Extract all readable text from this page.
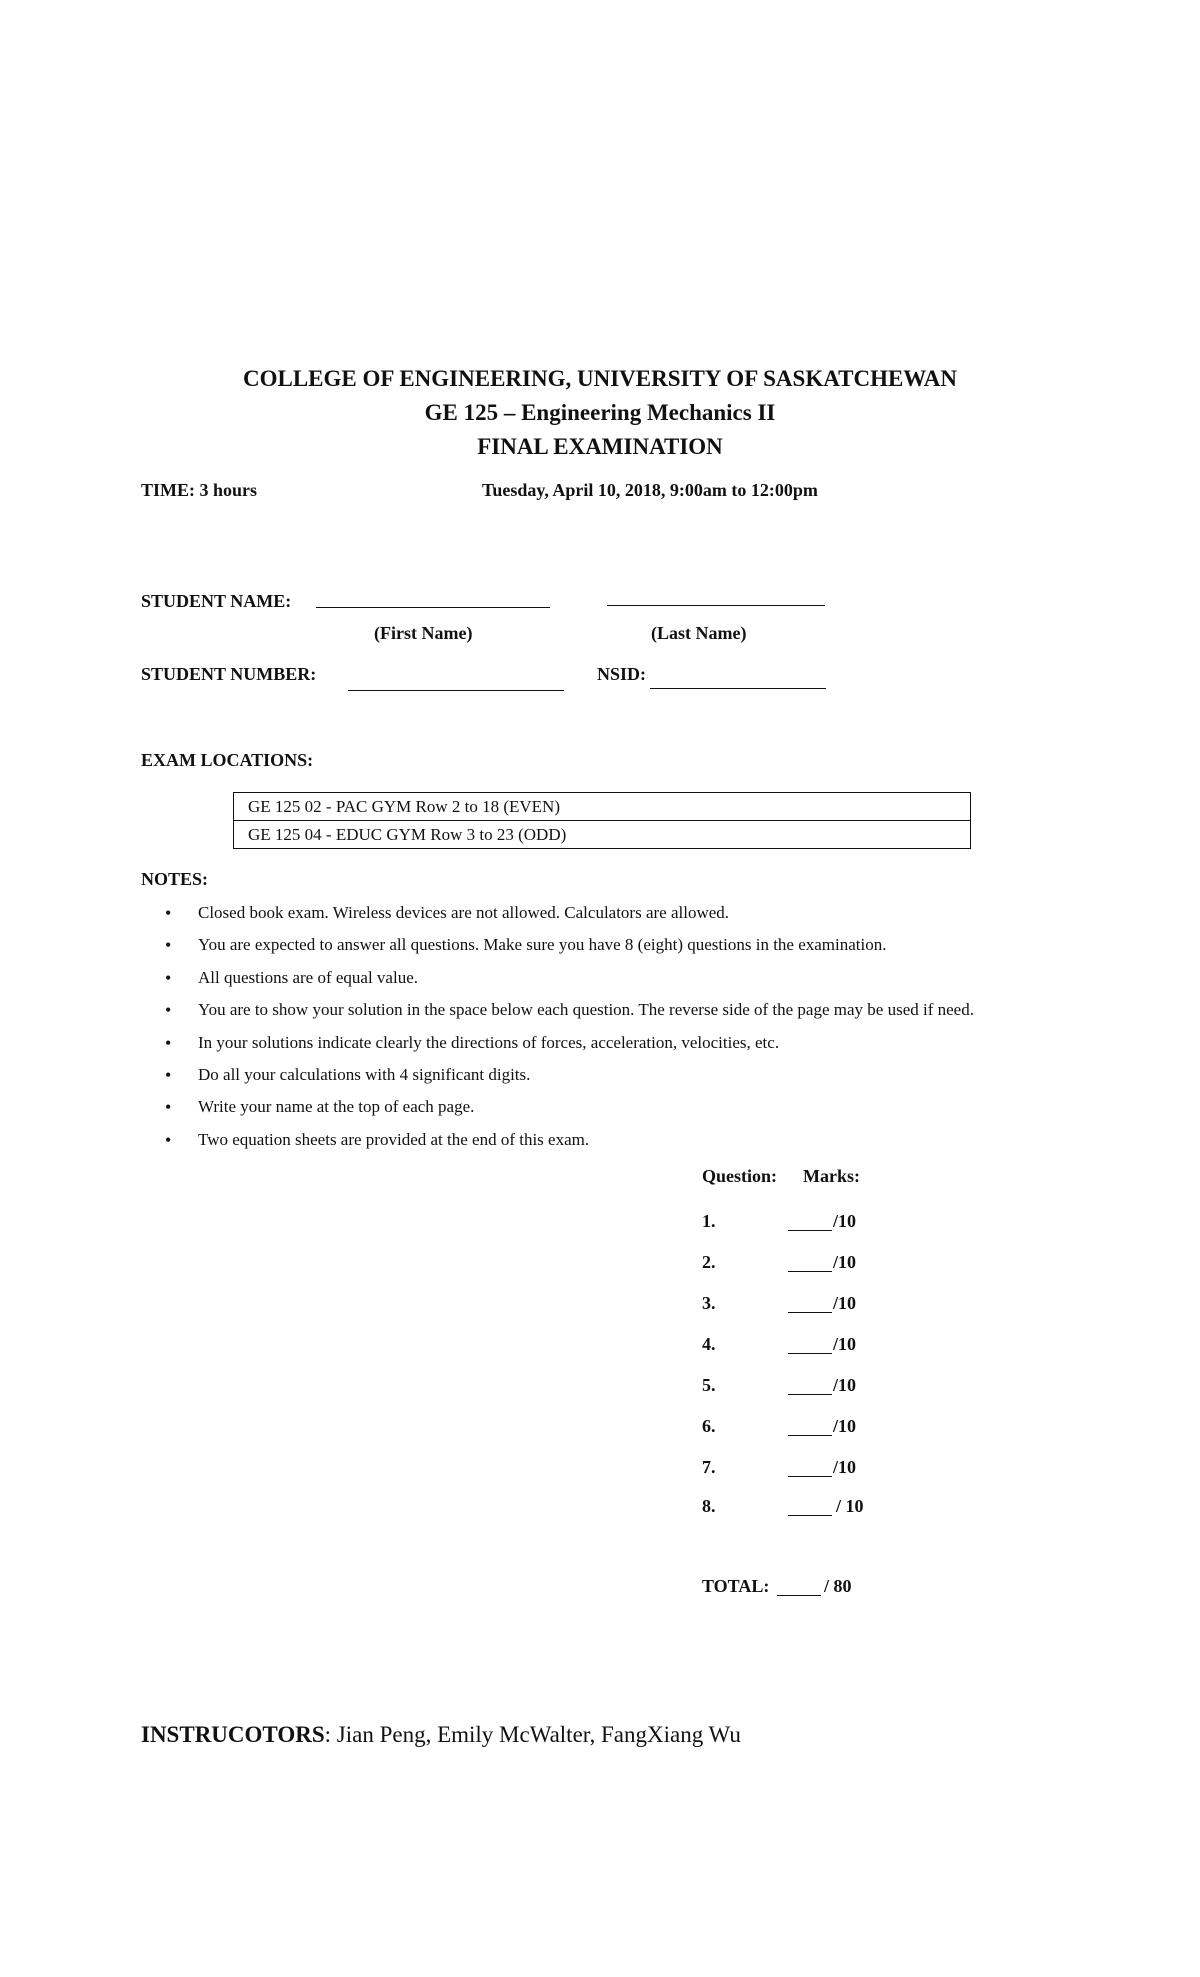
COLLEGE OF ENGINEERING, UNIVERSITY OF SASKATCHEWAN
GE 125 – Engineering Mechanics II
FINAL EXAMINATION
TIME: 3 hours	Tuesday, April 10, 2018, 9:00am to 12:00pm
STUDENT NAME:
(First Name)	(Last Name)
STUDENT NUMBER:	NSID:
EXAM LOCATIONS:
GE 125 02 - PAC GYM Row 2 to 18 (EVEN)
GE 125 04 - EDUC GYM Row 3 to 23 (ODD)
NOTES:
• Closed book exam. Wireless devices are not allowed. Calculators are allowed.
• You are expected to answer all questions. Make sure you have 8 (eight) questions in the examination.
• All questions are of equal value.
• You are to show your solution in the space below each question. The reverse side of the page may be used if need.
• In your solutions indicate clearly the directions of forces, acceleration, velocities, etc.
• Do all your calculations with 4 significant digits.
• Write your name at the top of each page.
• Two equation sheets are provided at the end of this exam.
Question: Marks:
1.	/10
2.	/10
3.	/10
4.	/10
5.	/10
6.	/10
7.	/10
8.	/ 10
TOTAL:	/ 80
INSTRUCOTORS: Jian Peng, Emily McWalter, FangXiang Wu
